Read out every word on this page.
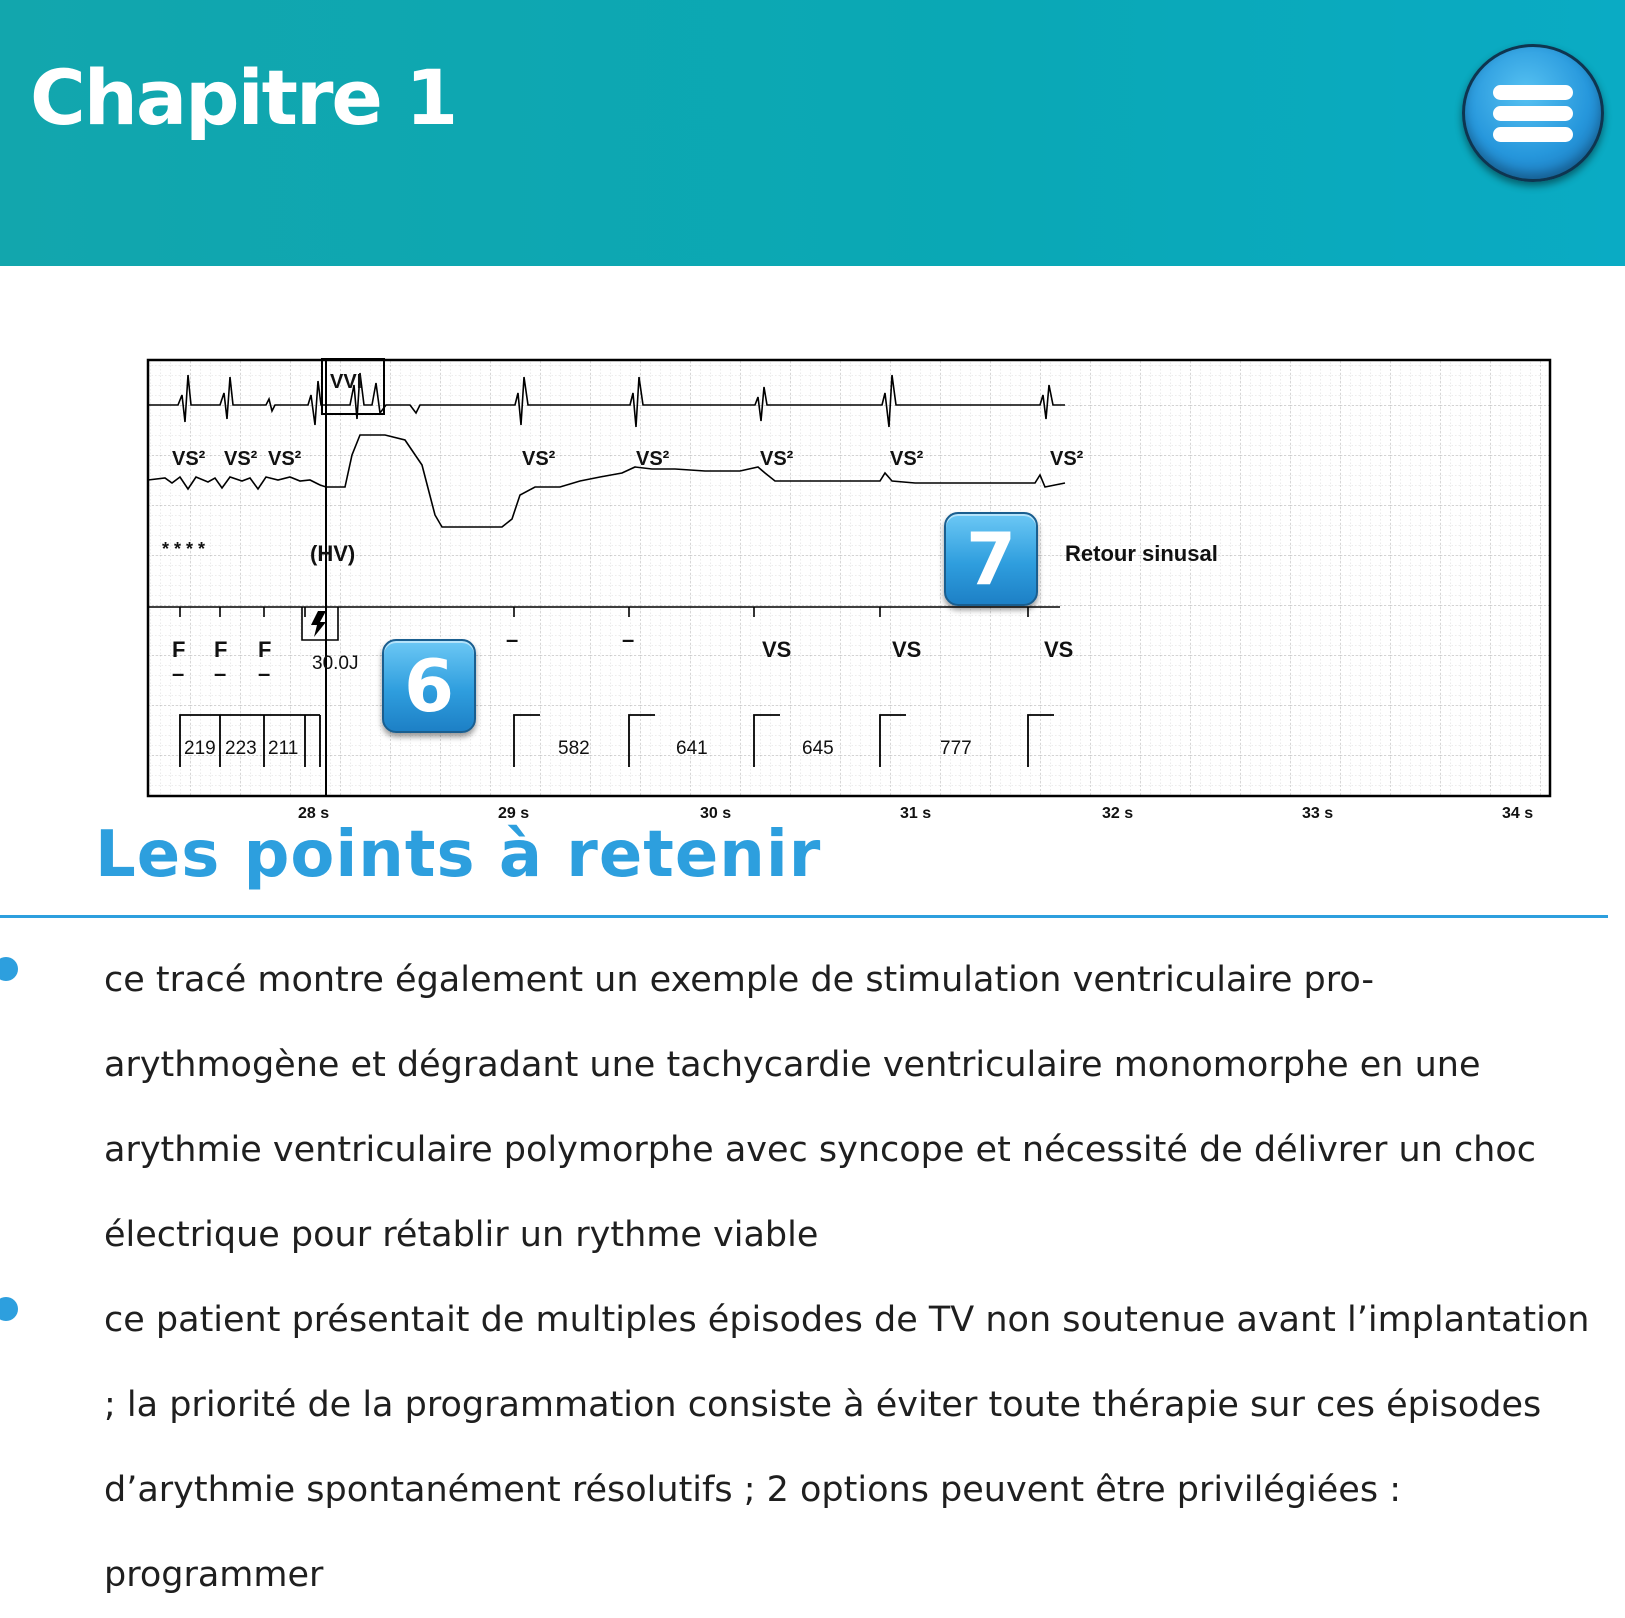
Chapitre 1
VS² VS² VS²	VS²	VS²	VS²	VS²	VS²
VVI
* * * *	(HV)	Retour sinusal
F F F
– – –
–	–	VS	VS	VS
30.0J
219 223 211	582	641	645	777
28 s	29 s	30 s	31 s	32 s	33 s	34 s
6
7
Les points à retenir

ce tracé montre également un exemple de stimulation ventriculaire pro-arythmogène et dégradant une tachycardie ventriculaire monomorphe en une arythmie ventriculaire polymorphe avec syncope et nécessité de délivrer un choc électrique pour rétablir un rythme viable

ce patient présentait de multiples épisodes de TV non soutenue avant l’implantation ; la priorité de la programmation consiste à éviter toute thérapie sur ces épisodes d’arythmie spontanément résolutifs ; 2 options peuvent être privilégiées : programmer
